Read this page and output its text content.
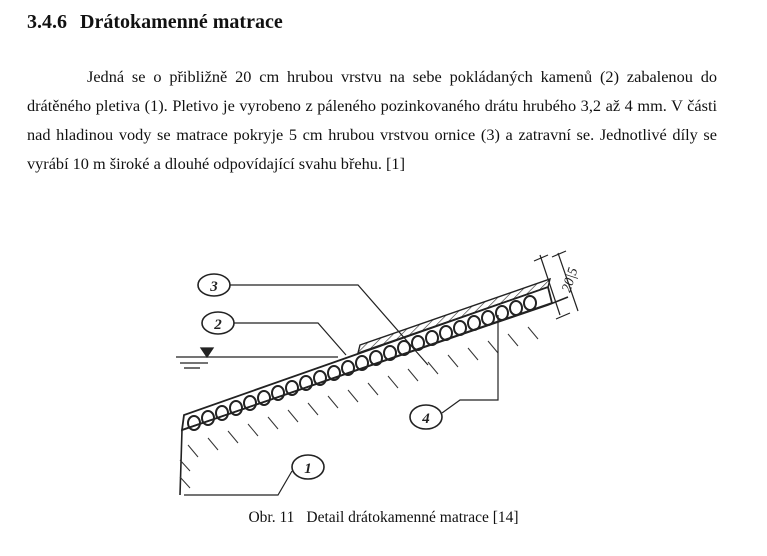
3.4.6 Drátokamenné matrace

Jedná se o přibližně 20 cm hrubou vrstvu na sebe pokládaných kamenů (2) zabalenou do drátěného pletiva (1). Pletivo je vyrobeno z páleného pozinkovaného drátu hrubého 3,2 až 4 mm. V části nad hladinou vody se matrace pokryje 5 cm hrubou vrstvou ornice (3) a zatravní se. Jednotlivé díly se vyrábí 10 m široké a dlouhé odpovídající svahu břehu. [1]

20|5
3
2
4
1
Obr. 11 Detail drátokamenné matrace [14]
